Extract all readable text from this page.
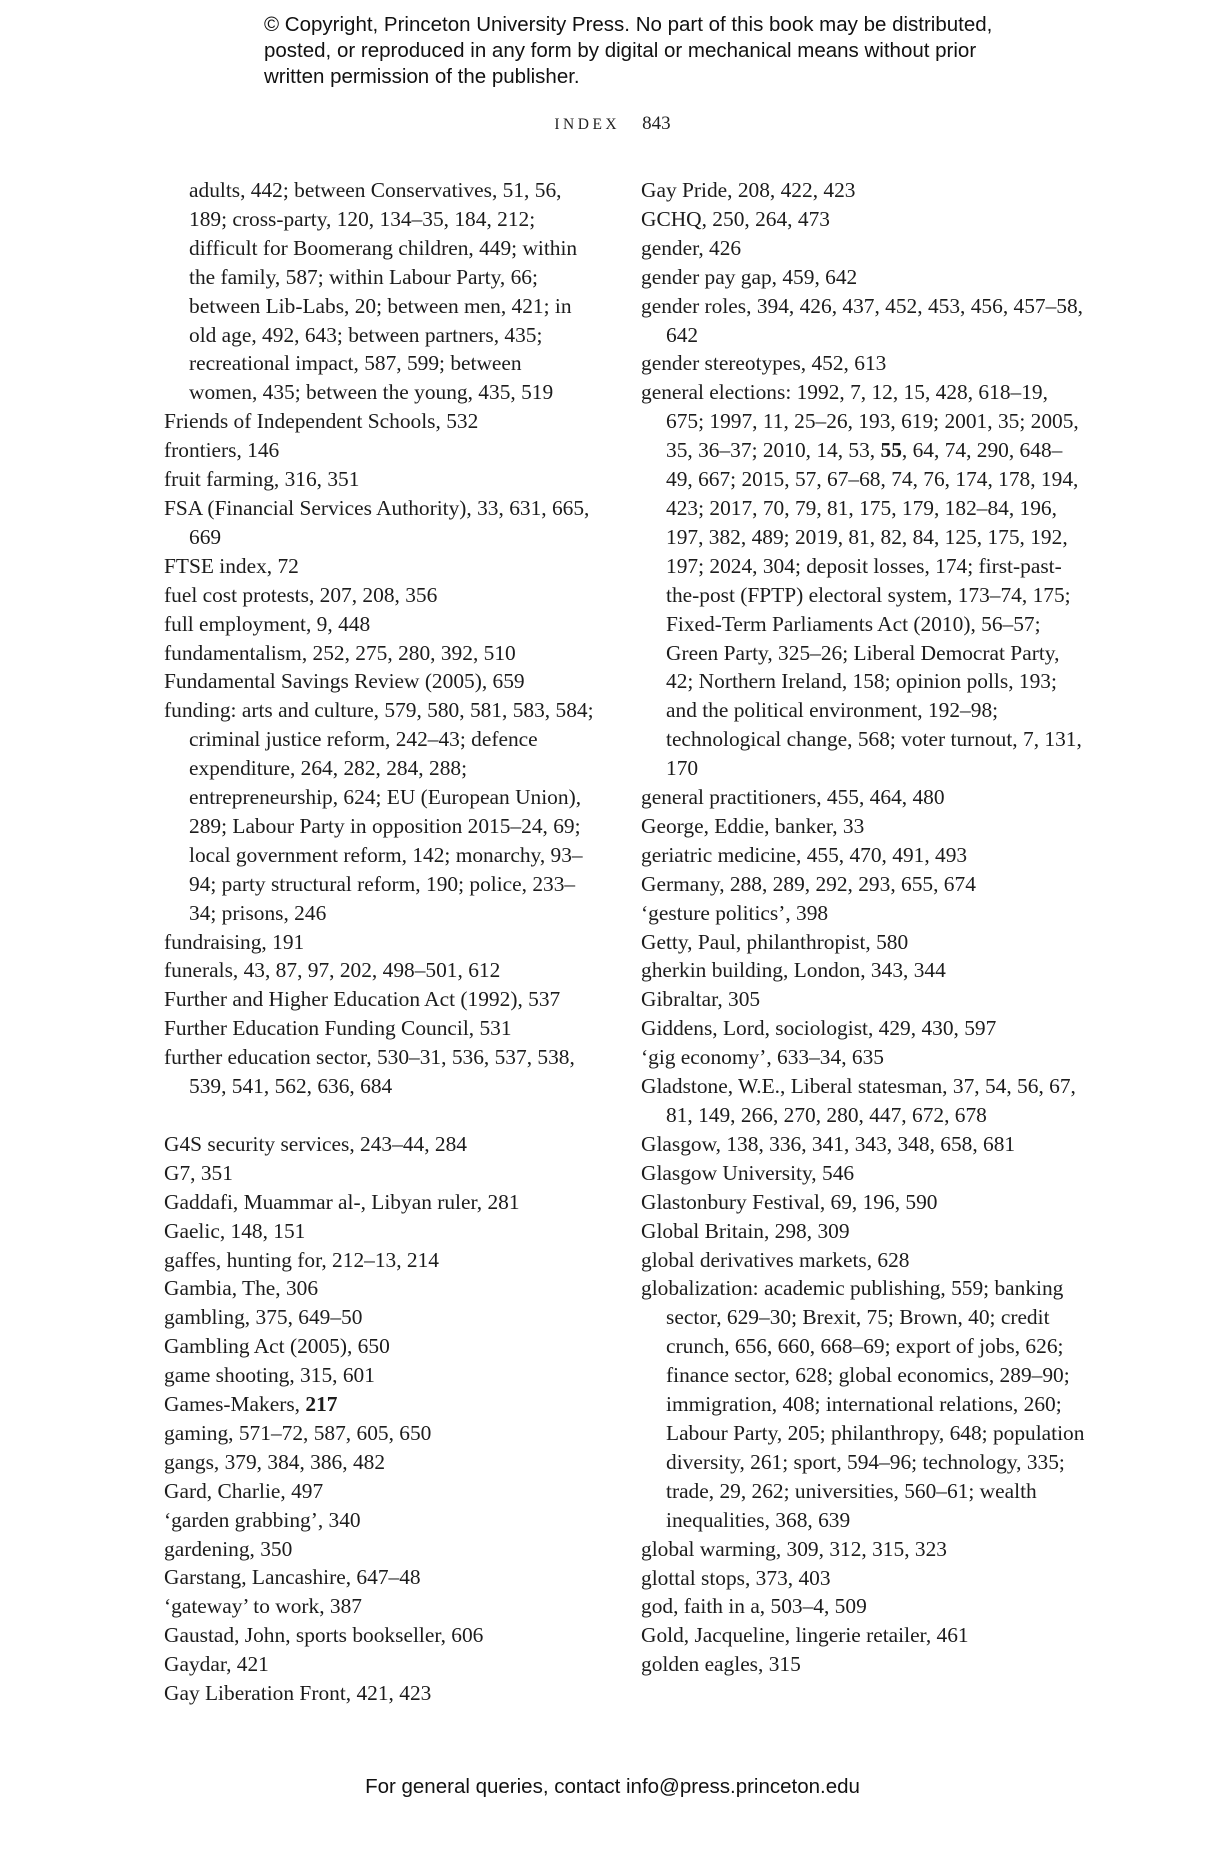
© Copyright, Princeton University Press. No part of this book may be distributed, posted, or reproduced in any form by digital or mechanical means without prior written permission of the publisher.
INDEX 843

adults, 442; between Conservatives, 51, 56, 189; cross-party, 120, 134–35, 184, 212; difficult for Boomerang children, 449; within the family, 587; within Labour Party, 66; between Lib-Labs, 20; between men, 421; in old age, 492, 643; between partners, 435; recreational impact, 587, 599; between women, 435; between the young, 435, 519

Friends of Independent Schools, 532

frontiers, 146

fruit farming, 316, 351

FSA (Financial Services Authority), 33, 631, 665, 669

FTSE index, 72

fuel cost protests, 207, 208, 356

full employment, 9, 448

fundamentalism, 252, 275, 280, 392, 510

Fundamental Savings Review (2005), 659

funding: arts and culture, 579, 580, 581, 583, 584; criminal justice reform, 242–43; defence expenditure, 264, 282, 284, 288; entrepreneurship, 624; EU (European Union), 289; Labour Party in opposition 2015–24, 69; local government reform, 142; monarchy, 93–94; party structural reform, 190; police, 233–34; prisons, 246

fundraising, 191

funerals, 43, 87, 97, 202, 498–501, 612

Further and Higher Education Act (1992), 537

Further Education Funding Council, 531

further education sector, 530–31, 536, 537, 538, 539, 541, 562, 636, 684

G4S security services, 243–44, 284

G7, 351

Gaddafi, Muammar al-, Libyan ruler, 281

Gaelic, 148, 151

gaffes, hunting for, 212–13, 214

Gambia, The, 306

gambling, 375, 649–50

Gambling Act (2005), 650

game shooting, 315, 601

Games-Makers, 217

gaming, 571–72, 587, 605, 650

gangs, 379, 384, 386, 482

Gard, Charlie, 497

‘garden grabbing’, 340

gardening, 350

Garstang, Lancashire, 647–48

‘gateway’ to work, 387

Gaustad, John, sports bookseller, 606

Gaydar, 421

Gay Liberation Front, 421, 423

Gay Pride, 208, 422, 423

GCHQ, 250, 264, 473

gender, 426

gender pay gap, 459, 642

gender roles, 394, 426, 437, 452, 453, 456, 457–58, 642

gender stereotypes, 452, 613

general elections: 1992, 7, 12, 15, 428, 618–19, 675; 1997, 11, 25–26, 193, 619; 2001, 35; 2005, 35, 36–37; 2010, 14, 53, 55, 64, 74, 290, 648–49, 667; 2015, 57, 67–68, 74, 76, 174, 178, 194, 423; 2017, 70, 79, 81, 175, 179, 182–84, 196, 197, 382, 489; 2019, 81, 82, 84, 125, 175, 192, 197; 2024, 304; deposit losses, 174; first-past-the-post (FPTP) electoral system, 173–74, 175; Fixed-Term Parliaments Act (2010), 56–57; Green Party, 325–26; Liberal Democrat Party, 42; Northern Ireland, 158; opinion polls, 193; and the political environment, 192–98; technological change, 568; voter turnout, 7, 131, 170

general practitioners, 455, 464, 480

George, Eddie, banker, 33

geriatric medicine, 455, 470, 491, 493

Germany, 288, 289, 292, 293, 655, 674

‘gesture politics’, 398

Getty, Paul, philanthropist, 580

gherkin building, London, 343, 344

Gibraltar, 305

Giddens, Lord, sociologist, 429, 430, 597

‘gig economy’, 633–34, 635

Gladstone, W.E., Liberal statesman, 37, 54, 56, 67, 81, 149, 266, 270, 280, 447, 672, 678

Glasgow, 138, 336, 341, 343, 348, 658, 681

Glasgow University, 546

Glastonbury Festival, 69, 196, 590

Global Britain, 298, 309

global derivatives markets, 628

globalization: academic publishing, 559; banking sector, 629–30; Brexit, 75; Brown, 40; credit crunch, 656, 660, 668–69; export of jobs, 626; finance sector, 628; global economics, 289–90; immigration, 408; international relations, 260; Labour Party, 205; philanthropy, 648; population diversity, 261; sport, 594–96; technology, 335; trade, 29, 262; universities, 560–61; wealth inequalities, 368, 639

global warming, 309, 312, 315, 323

glottal stops, 373, 403

god, faith in a, 503–4, 509

Gold, Jacqueline, lingerie retailer, 461

golden eagles, 315

For general queries, contact info@press.princeton.edu
